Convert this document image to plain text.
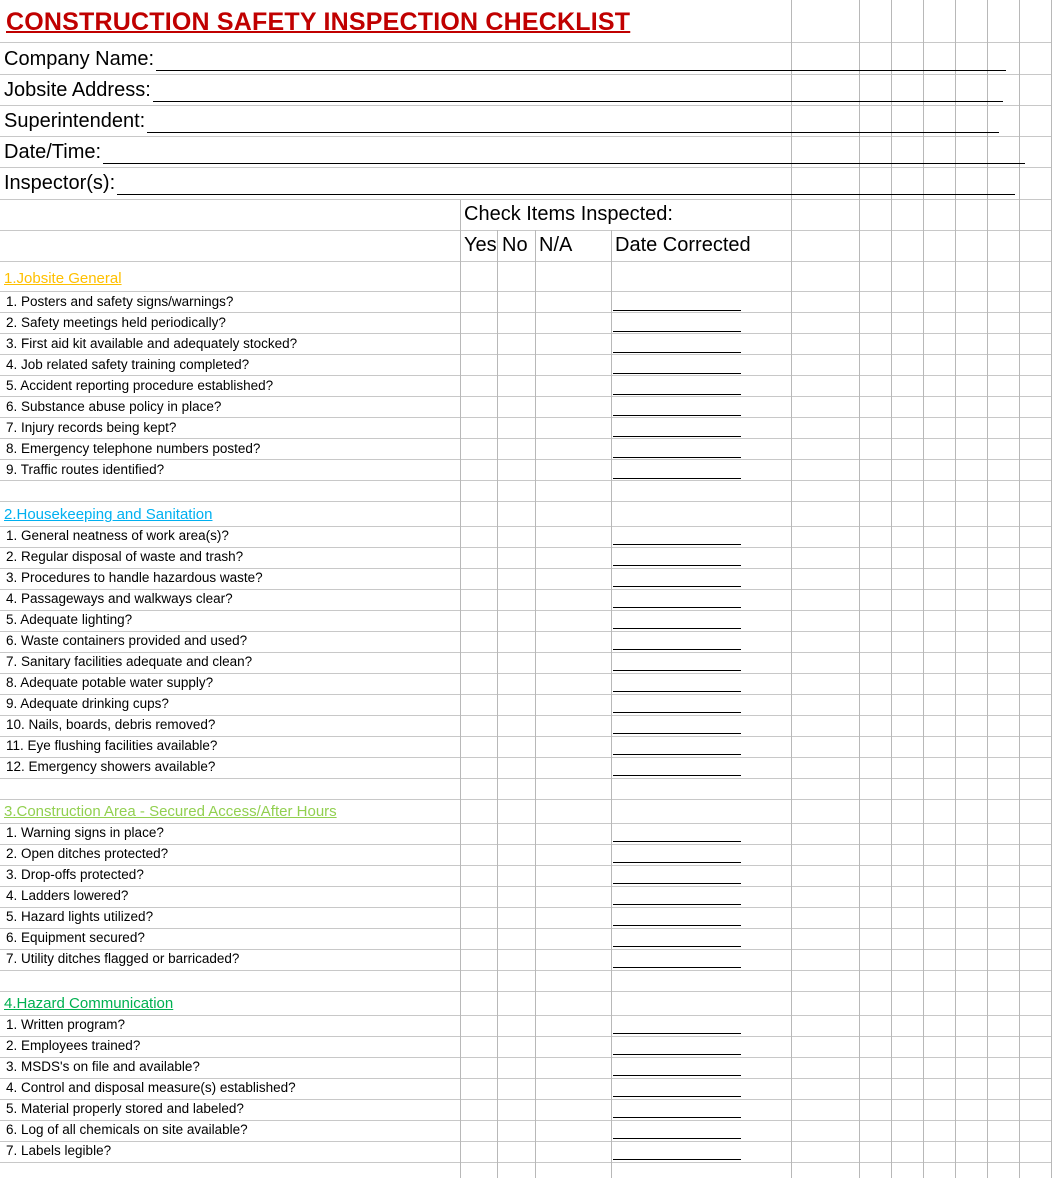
CONSTRUCTION SAFETY INSPECTION CHECKLIST
Company Name:
Jobsite Address:
Superintendent:
Date/Time:
Inspector(s):
Check Items Inspected:
Yes No N/A Date Corrected
1.Jobsite General
1. Posters and safety signs/warnings?
2. Safety meetings held periodically?
3. First aid kit available and adequately stocked?
4. Job related safety training completed?
5. Accident reporting procedure established?
6. Substance abuse policy in place?
7. Injury records being kept?
8. Emergency telephone numbers posted?
9. Traffic routes identified?
2.Housekeeping and Sanitation
1. General neatness of work area(s)?
2. Regular disposal of waste and trash?
3. Procedures to handle hazardous waste?
4. Passageways and walkways clear?
5. Adequate lighting?
6. Waste containers provided and used?
7. Sanitary facilities adequate and clean?
8. Adequate potable water supply?
9. Adequate drinking cups?
10. Nails, boards, debris removed?
11. Eye flushing facilities available?
12. Emergency showers available?
3.Construction Area - Secured Access/After Hours
1. Warning signs in place?
2. Open ditches protected?
3. Drop-offs protected?
4. Ladders lowered?
5. Hazard lights utilized?
6. Equipment secured?
7. Utility ditches flagged or barricaded?
4.Hazard Communication
1. Written program?
2. Employees trained?
3. MSDS's on file and available?
4. Control and disposal measure(s) established?
5. Material properly stored and labeled?
6. Log of all chemicals on site available?
7. Labels legible?
